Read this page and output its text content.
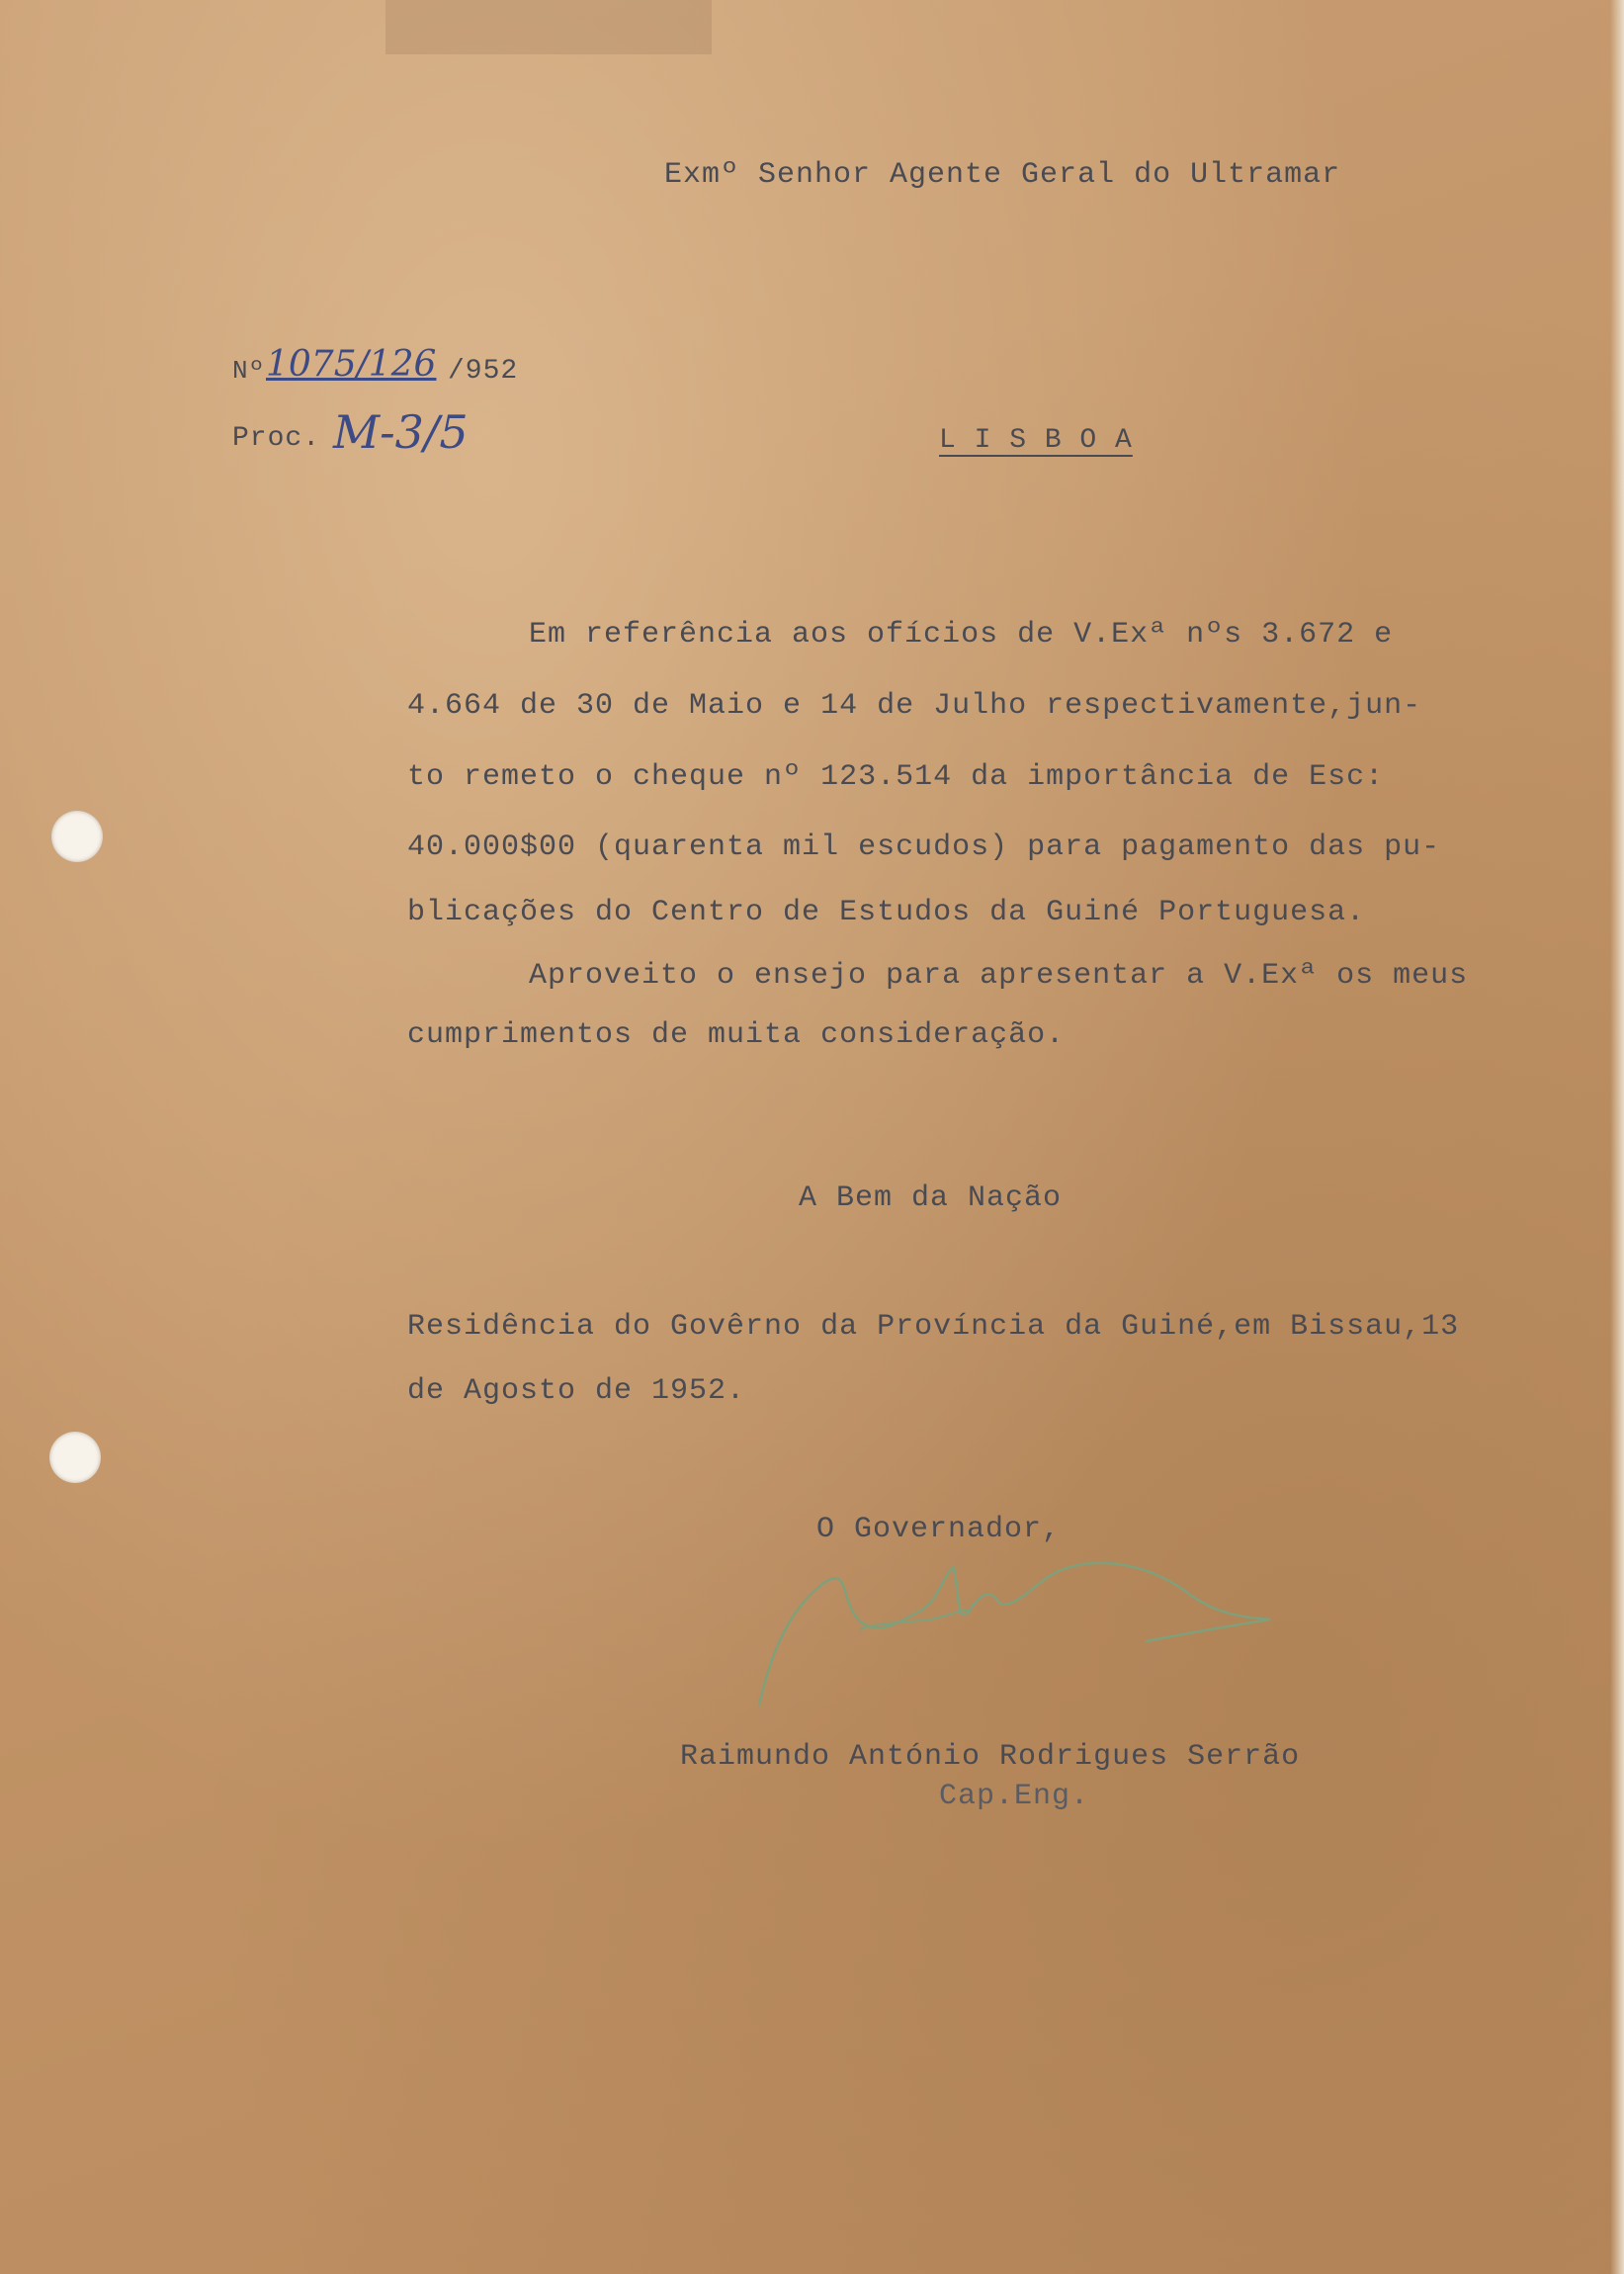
Exmº Senhor Agente Geral do Ultramar
Nº 1075/126 /952
Proc. M-3/5	L I S B O A
Em referência aos ofícios de V.Exª nºs 3.672 e
4.664 de 30 de Maio e 14 de Julho respectivamente,jun-
to remeto o cheque nº 123.514 da importância de Esc:
40.000$00 (quarenta mil escudos) para pagamento das pu-
blicações do Centro de Estudos da Guiné Portuguesa.
Aproveito o ensejo para apresentar a V.Exª os meus
cumprimentos de muita consideração.
A Bem da Nação
Residência do Govêrno da Província da Guiné,em Bissau,13
de Agosto de 1952.
O Governador,
Raimundo António Rodrigues Serrão
Cap.Eng.
